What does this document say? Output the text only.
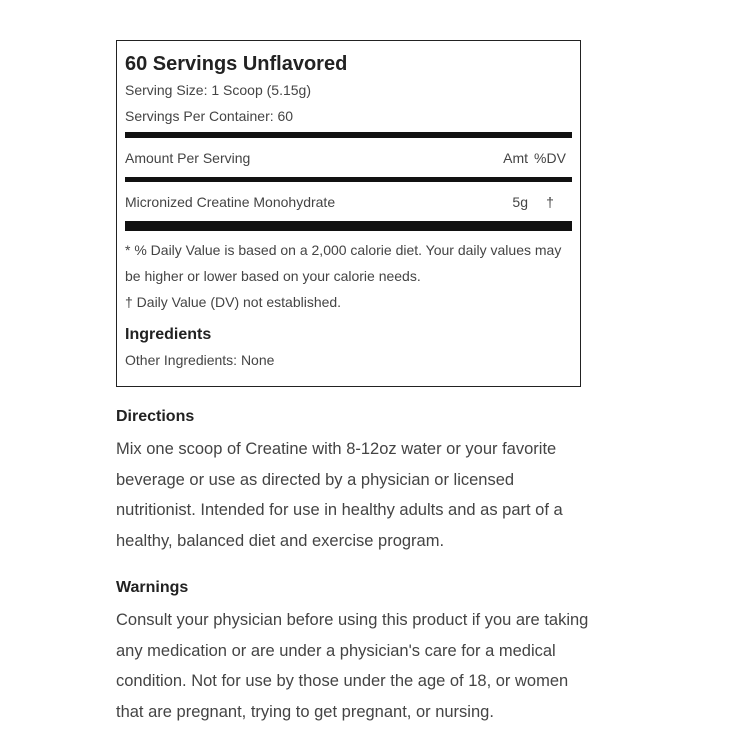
60 Servings Unflavored
Serving Size: 1 Scoop (5.15g)
Servings Per Container: 60
Amount Per Serving	Amt %DV
Micronized Creatine Monohydrate	5g	†
* % Daily Value is based on a 2,000 calorie diet. Your daily values may be higher or lower based on your calorie needs.
† Daily Value (DV) not established.
Ingredients
Other Ingredients: None
Directions

Mix one scoop of Creatine with 8-12oz water or your favorite beverage or use as directed by a physician or licensed nutritionist. Intended for use in healthy adults and as part of a healthy, balanced diet and exercise program.

Warnings

Consult your physician before using this product if you are taking any medication or are under a physician's care for a medical condition. Not for use by those under the age of 18, or women that are pregnant, trying to get pregnant, or nursing.
